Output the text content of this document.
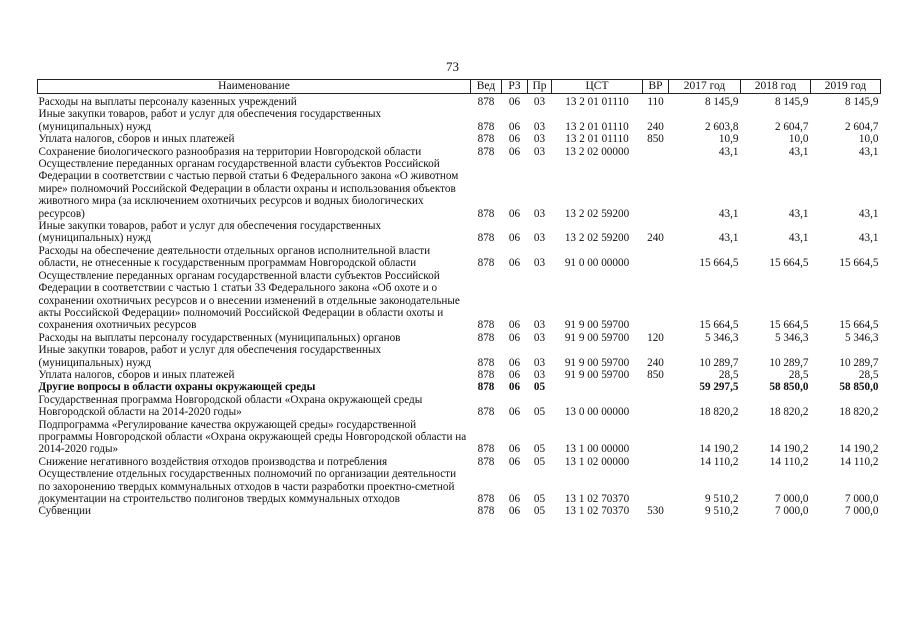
73
Наименование	Вед	РЗ	Пр	ЦСТ	ВР	2017 год	2018 год	2019 год
Расходы на выплаты персоналу казенных учреждений	878	06	03	13 2 01 01110	110	8 145,9	8 145,9	8 145,9
Иные закупки товаров, работ и услуг для обеспечения государственных (муниципальных) нужд	878	06	03	13 2 01 01110	240	2 603,8	2 604,7	2 604,7
Уплата налогов, сборов и иных платежей	878	06	03	13 2 01 01110	850	10,9	10,0	10,0
Сохранение биологического разнообразия на территории Новгородской области	878	06	03	13 2 02 00000		43,1	43,1	43,1
Осуществление переданных органам государственной власти субъектов Российской Федерации в соответствии с частью первой статьи 6 Федерального закона «О животном мире» полномочий Российской Федерации в области охраны и использования объектов животного мира (за исключением охотничьих ресурсов и водных биологических ресурсов)	878	06	03	13 2 02 59200		43,1	43,1	43,1
Иные закупки товаров, работ и услуг для обеспечения государственных (муниципальных) нужд	878	06	03	13 2 02 59200	240	43,1	43,1	43,1
Расходы на обеспечение деятельности отдельных органов исполнительной власти области, не отнесенные к государственным программам Новгородской области	878	06	03	91 0 00 00000		15 664,5	15 664,5	15 664,5
Осуществление переданных органам государственной власти субъектов Российской Федерации в соответствии с частью 1 статьи 33 Федерального закона «Об охоте и о сохранении охотничьих ресурсов и о внесении изменений в отдельные законодательные акты Российской Федерации» полномочий Российской Федерации в области охоты и сохранения охотничьих ресурсов	878	06	03	91 9 00 59700		15 664,5	15 664,5	15 664,5
Расходы на выплаты персоналу государственных (муниципальных) органов	878	06	03	91 9 00 59700	120	5 346,3	5 346,3	5 346,3
Иные закупки товаров, работ и услуг для обеспечения государственных (муниципальных) нужд	878	06	03	91 9 00 59700	240	10 289,7	10 289,7	10 289,7
Уплата налогов, сборов и иных платежей	878	06	03	91 9 00 59700	850	28,5	28,5	28,5
Другие вопросы в области охраны окружающей среды	878	06	05			59 297,5	58 850,0	58 850,0
Государственная программа Новгородской области «Охрана окружающей среды Новгородской области на 2014-2020 годы»	878	06	05	13 0 00 00000		18 820,2	18 820,2	18 820,2
Подпрограмма «Регулирование качества окружающей среды» государственной программы Новгородской области «Охрана окружающей среды Новгородской области на 2014-2020 годы»	878	06	05	13 1 00 00000		14 190,2	14 190,2	14 190,2
Снижение негативного воздействия отходов производства и потребления	878	06	05	13 1 02 00000		14 110,2	14 110,2	14 110,2
Осуществление отдельных государственных полномочий по организации деятельности по захоронению твердых коммунальных отходов в части разработки проектно-сметной документации на строительство полигонов твердых коммунальных отходов	878	06	05	13 1 02 70370		9 510,2	7 000,0	7 000,0
Субвенции	878	06	05	13 1 02 70370	530	9 510,2	7 000,0	7 000,0
